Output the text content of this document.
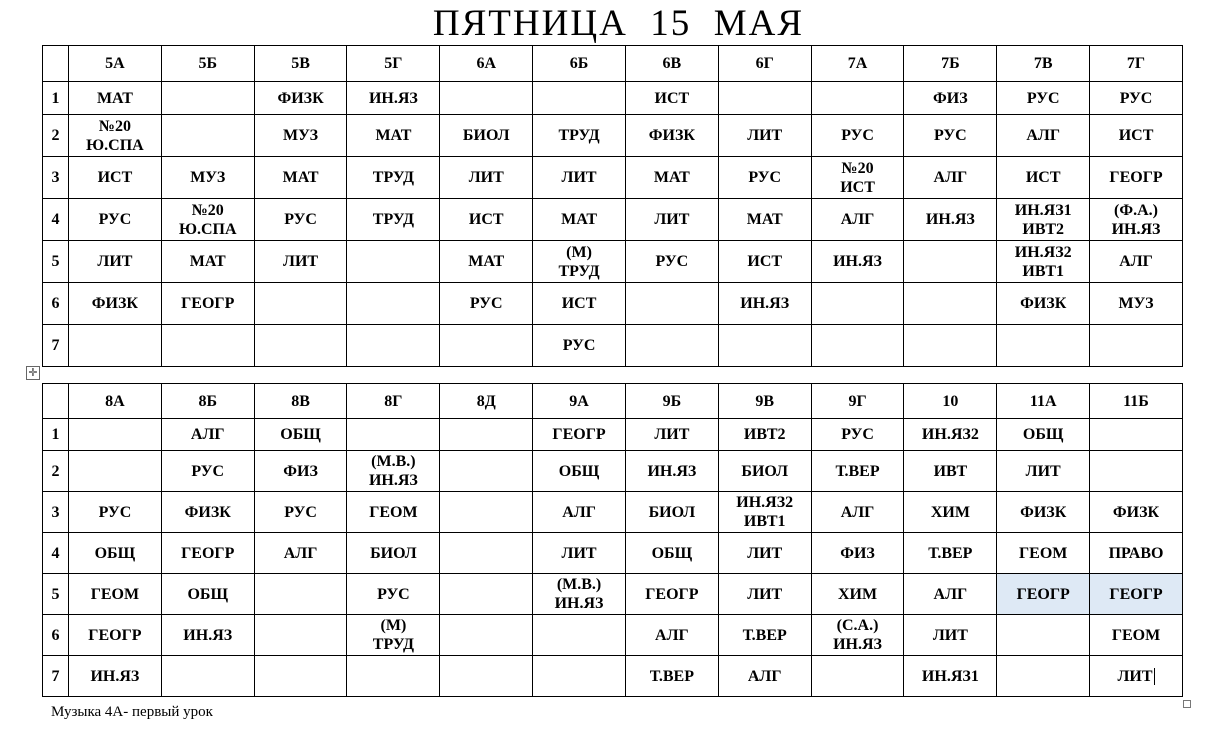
ПЯТНИЦА  15  МАЯ

	5А	5Б	5В	5Г	6А	6Б	6В	6Г	7А	7Б	7В	7Г

1	МАТ		ФИЗК	ИН.ЯЗ			ИСТ			ФИЗ	РУС	РУС

2	№20
Ю.СПА		МУЗ	МАТ	БИОЛ	ТРУД	ФИЗК	ЛИТ	РУС	РУС	АЛГ	ИСТ

3	ИСТ	МУЗ	МАТ	ТРУД	ЛИТ	ЛИТ	МАТ	РУС	№20
ИСТ	АЛГ	ИСТ	ГЕОГР

4	РУС	№20
Ю.СПА	РУС	ТРУД	ИСТ	МАТ	ЛИТ	МАТ	АЛГ	ИН.ЯЗ	ИН.ЯЗ1
ИВТ2	(Ф.А.)
ИН.ЯЗ

5	ЛИТ	МАТ	ЛИТ		МАТ	(М)
ТРУД	РУС	ИСТ	ИН.ЯЗ		ИН.ЯЗ2
ИВТ1	АЛГ

6	ФИЗК	ГЕОГР			РУС	ИСТ		ИН.ЯЗ			ФИЗК	МУЗ

7						РУС						

✛

	8А	8Б	8В	8Г	8Д	9А	9Б	9В	9Г	10	11А	11Б

1		АЛГ	ОБЩ			ГЕОГР	ЛИТ	ИВТ2	РУС	ИН.ЯЗ2	ОБЩ	

2		РУС	ФИЗ	(М.В.)
ИН.ЯЗ		ОБЩ	ИН.ЯЗ	БИОЛ	Т.ВЕР	ИВТ	ЛИТ	

3	РУС	ФИЗК	РУС	ГЕОМ		АЛГ	БИОЛ	ИН.ЯЗ2
ИВТ1	АЛГ	ХИМ	ФИЗК	ФИЗК

4	ОБЩ	ГЕОГР	АЛГ	БИОЛ		ЛИТ	ОБЩ	ЛИТ	ФИЗ	Т.ВЕР	ГЕОМ	ПРАВО

5	ГЕОМ	ОБЩ		РУС		(М.В.)
ИН.ЯЗ	ГЕОГР	ЛИТ	ХИМ	АЛГ	ГЕОГР	ГЕОГР

6	ГЕОГР	ИН.ЯЗ		(М)
ТРУД			АЛГ	Т.ВЕР	(С.А.)
ИН.ЯЗ	ЛИТ		ГЕОМ

7	ИН.ЯЗ						Т.ВЕР	АЛГ		ИН.ЯЗ1		ЛИТ
Музыка 4А- первый урок
